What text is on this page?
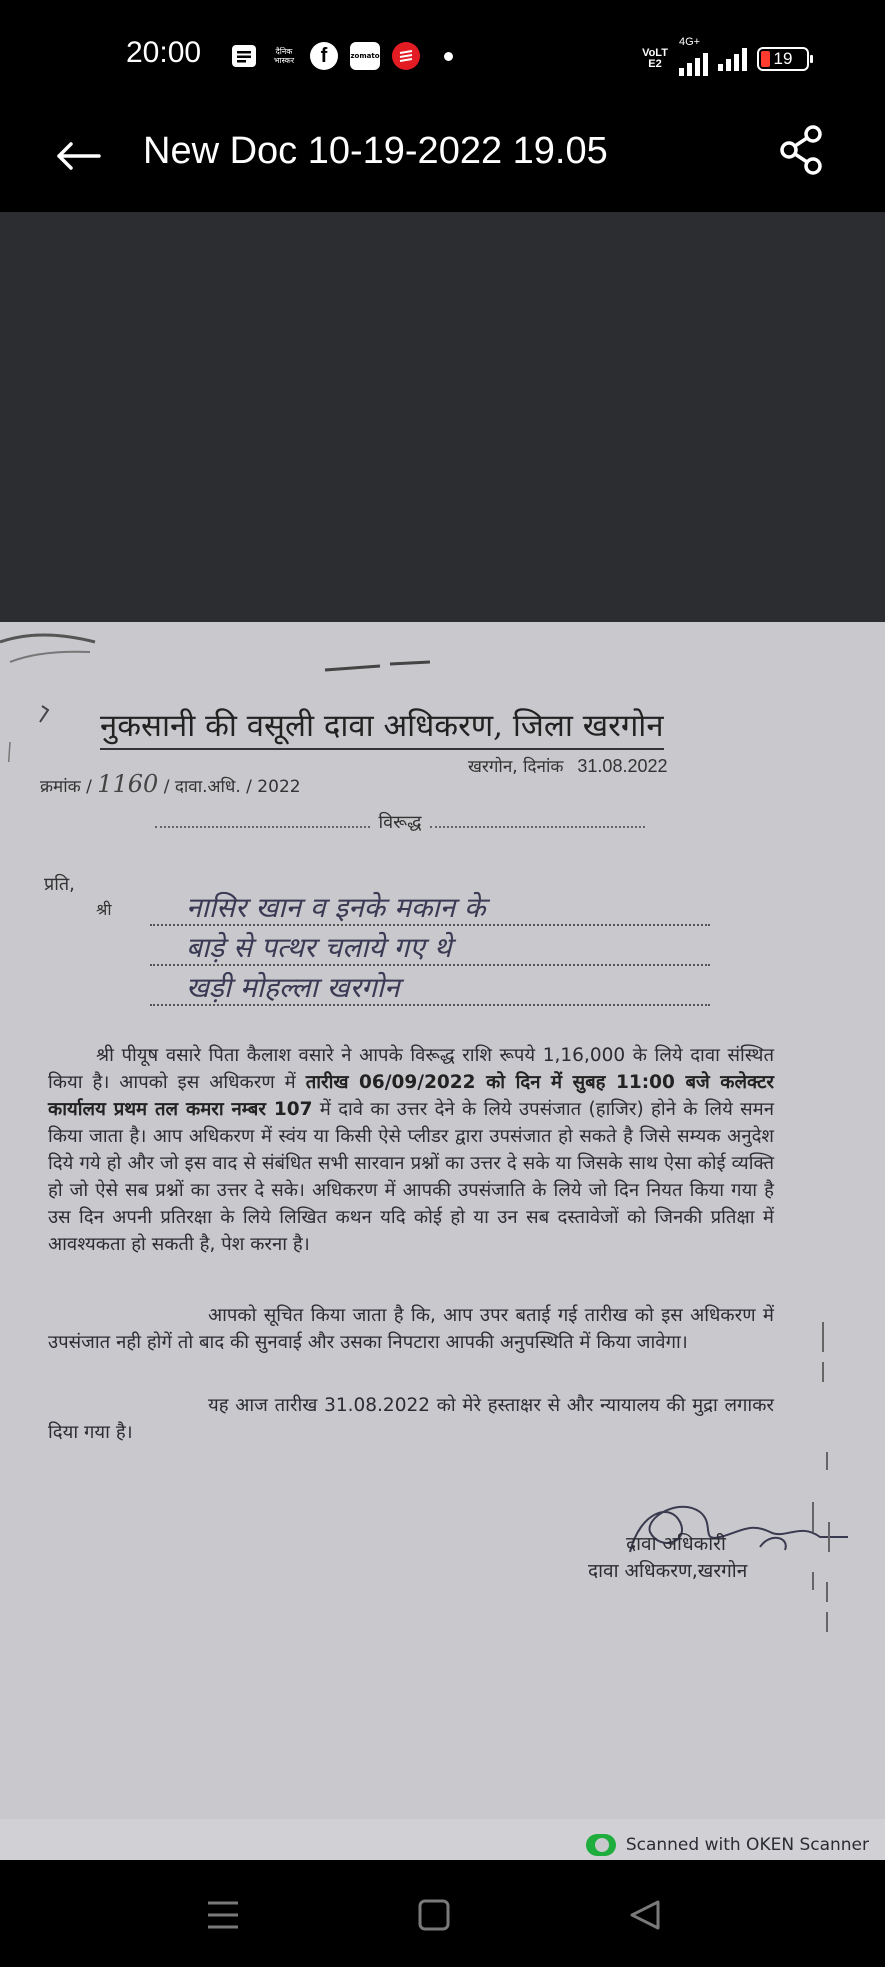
20:00	दैनिक भास्कर	f	zomato	VoLTE2
4G+
19
New Doc 10-19-2022 19.05
नुकसानी की वसूली दावा अधिकरण, जिला खरगोन
क्रमांक / 1160 / दावा.अधि. / 2022
खरगोन, दिनांक 31.08.2022
विरूद्ध
प्रति,
श्री	नासिर खान व इनके मकान के
बाड़े से पत्थर चलाये गए थे
खड़ी मोहल्ला खरगोन
श्री पीयूष वसारे पिता कैलाश वसारे ने आपके विरूद्ध राशि रूपये 1,16,000 के लिये दावा संस्थित किया है। आपको इस अधिकरण में तारीख 06/09/2022 को दिन में सुबह 11:00 बजे कलेक्टर कार्यालय प्रथम तल कमरा नम्बर 107 में दावे का उत्तर देने के लिये उपसंजात (हाजिर) होने के लिये समन किया जाता है। आप अधिकरण में स्वंय या किसी ऐसे प्लीडर द्वारा उपसंजात हो सकते है जिसे सम्यक अनुदेश दिये गये हो और जो इस वाद से संबंधित सभी सारवान प्रश्नों का उत्तर दे सके या जिसके साथ ऐसा कोई व्यक्ति हो जो ऐसे सब प्रश्नों का उत्तर दे सके। अधिकरण में आपकी उपसंजाति के लिये जो दिन नियत किया गया है उस दिन अपनी प्रतिरक्षा के लिये लिखित कथन यदि कोई हो या उन सब दस्तावेजों को जिनकी प्रतिक्षा में आवश्यकता हो सकती है, पेश करना है।
आपको सूचित किया जाता है कि, आप उपर बताई गई तारीख को इस अधिकरण में उपसंजात नही होगें तो बाद की सुनवाई और उसका निपटारा आपकी अनुपस्थिति में किया जावेगा।
यह आज तारीख 31.08.2022 को मेरे हस्ताक्षर से और न्यायालय की मुद्रा लगाकर दिया गया है।
दावा अधिकारी
दावा अधिकरण,खरगोन
Scanned with OKEN Scanner
